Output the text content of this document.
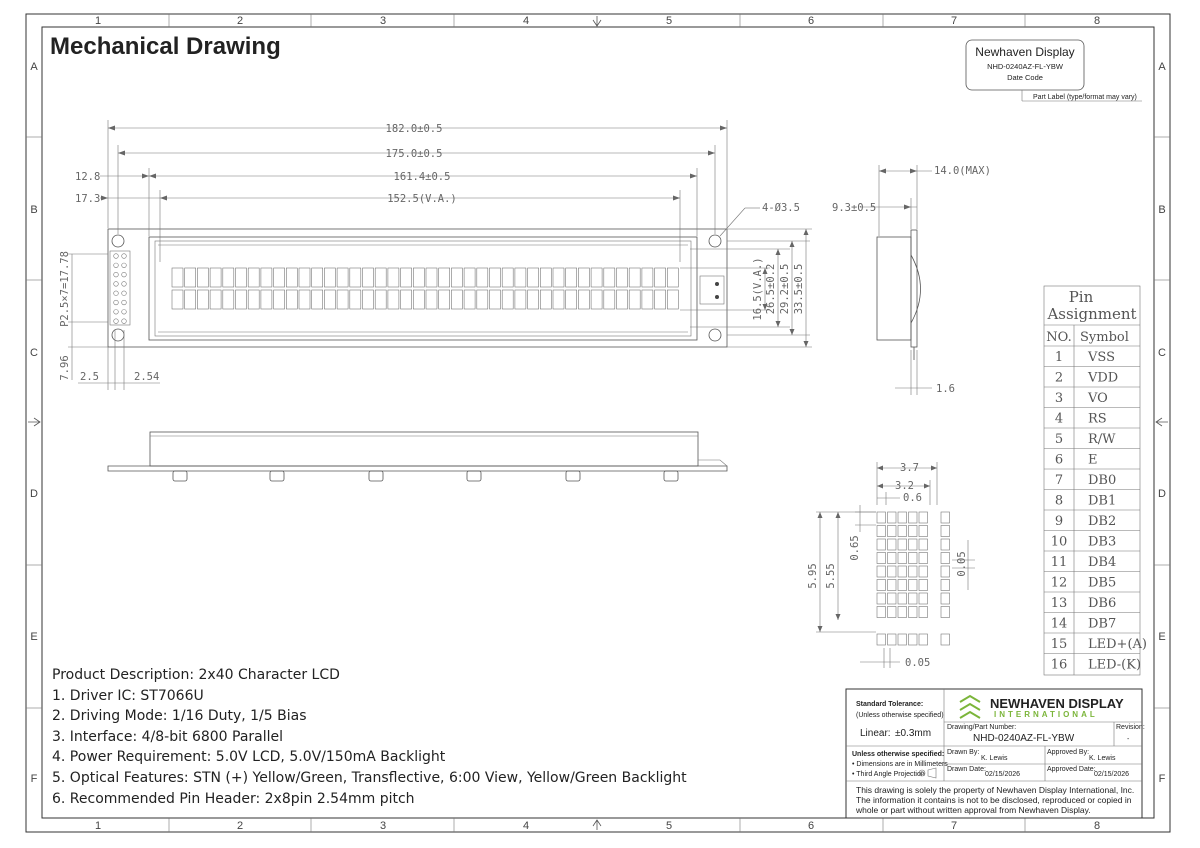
1	2	3	4	5	6	7	8
1	2	3	4	5	6	7	8
A
B
C
D
E
F
A
B
C
D
E
F
Mechanical Drawing	Newhaven Display
NHD-0240AZ-FL-YBW
Date Code
Part Label (type/format may vary)
182.0±0.5
175.0±0.5
161.4±0.5
152.5(V.A.)
12.8
17.3
4-Ø3.5
16.5(V.A.) 26.5±0.2 29.2±0.5 33.5±0.5
P2.5×7=17.78
7.96 2.5	2.54
14.0(MAX)
9.3±0.5
1.6
3.7
3.2
0.6
0.65
5.55
5.95	0.05
0.05
Pin
Assignment
NO. Symbol
1 VSS
2 VDD
3 VO
4 RS
5 R/W
6 E
7 DB0
8 DB1
9 DB2
10 DB3
11 DB4
12 DB5
13 DB6
14 DB7
15 LED+(A)
16 LED-(K)
Product Description: 2x40 Character LCD
1. Driver IC: ST7066U
2. Driving Mode: 1/16 Duty, 1/5 Bias
3. Interface: 4/8-bit 6800 Parallel
4. Power Requirement: 5.0V LCD, 5.0V/150mA Backlight
5. Optical Features: STN (+) Yellow/Green, Transflective, 6:00 View, Yellow/Green Backlight
6. Recommended Pin Header: 2x8pin 2.54mm pitch
Standard Tolerance:
(Unless otherwise specified)
Linear: ±0.3mm
NEWHAVEN DISPLAY
INTERNATIONAL
Drawing/Part Number:
NHD-0240AZ-FL-YBW
Revision:
-
Unless otherwise specified:
• Dimensions are in Millimeters
• Third Angle Projection
Drawn By:
K. Lewis
Approved By:
K. Lewis
Drawn Date:
02/15/2026
Approved Date:
02/15/2026
This drawing is solely the property of Newhaven Display International, Inc.
The information it contains is not to be disclosed, reproduced or copied in
whole or part without written approval from Newhaven Display.
